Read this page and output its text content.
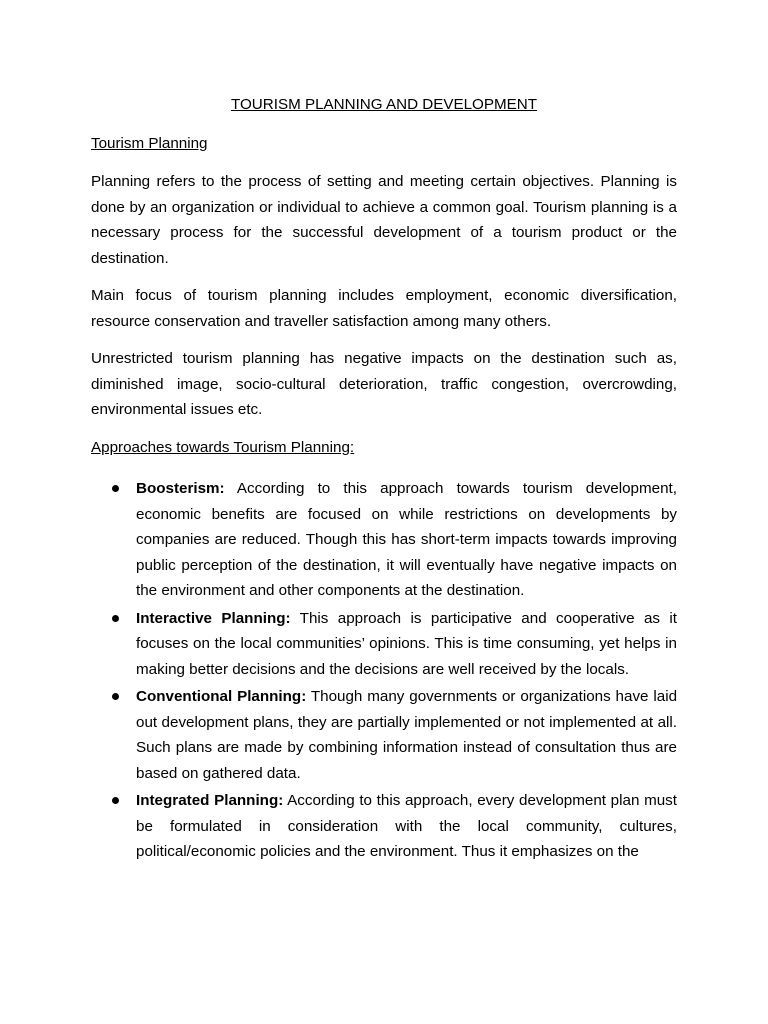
TOURISM PLANNING AND DEVELOPMENT
Tourism Planning

Planning refers to the process of setting and meeting certain objectives. Planning is done by an organization or individual to achieve a common goal. Tourism planning is a necessary process for the successful development of a tourism product or the destination.

Main focus of tourism planning includes employment, economic diversification, resource conservation and traveller satisfaction among many others.

Unrestricted tourism planning has negative impacts on the destination such as, diminished image, socio-cultural deterioration, traffic congestion, overcrowding, environmental issues etc.

Approaches towards Tourism Planning:
Boosterism: According to this approach towards tourism development, economic benefits are focused on while restrictions on developments by companies are reduced. Though this has short-term impacts towards improving public perception of the destination, it will eventually have negative impacts on the environment and other components at the destination.
Interactive Planning: This approach is participative and cooperative as it focuses on the local communities’ opinions. This is time consuming, yet helps in making better decisions and the decisions are well received by the locals.
Conventional Planning: Though many governments or organizations have laid out development plans, they are partially implemented or not implemented at all. Such plans are made by combining information instead of consultation thus are based on gathered data.
Integrated Planning: According to this approach, every development plan must be formulated in consideration with the local community, cultures, political/economic policies and the environment. Thus it emphasizes on the
